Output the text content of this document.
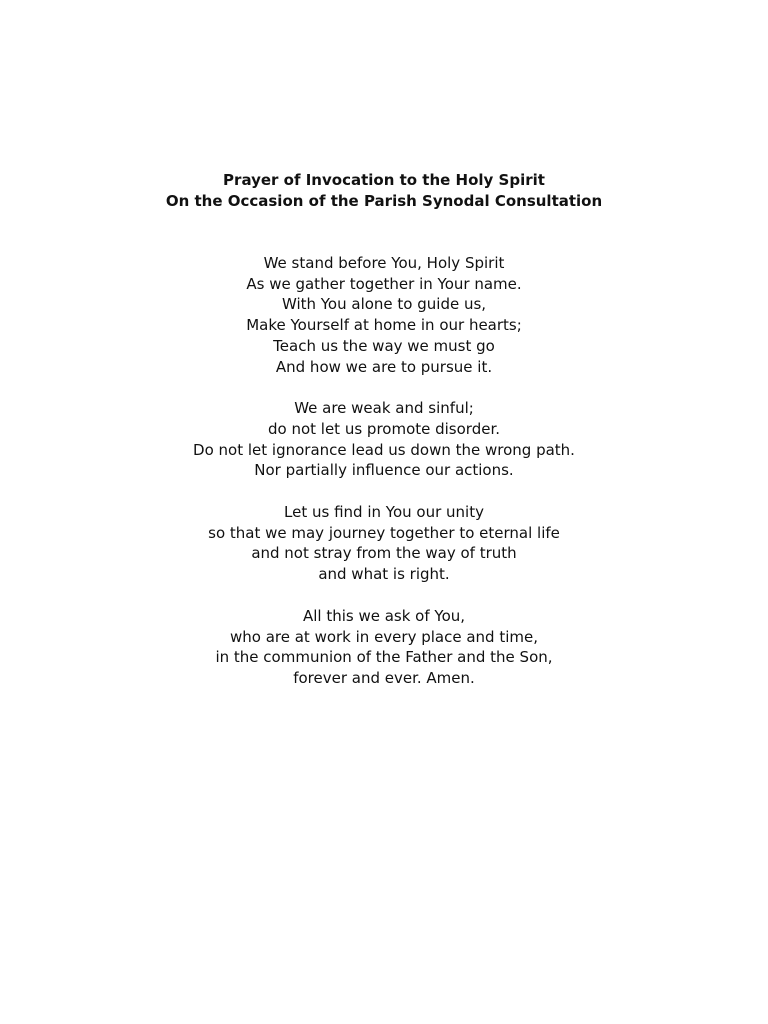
Prayer of Invocation to the Holy Spirit
On the Occasion of the Parish Synodal Consultation
We stand before You, Holy Spirit
As we gather together in Your name.
With You alone to guide us,
Make Yourself at home in our hearts;
Teach us the way we must go
And how we are to pursue it.
We are weak and sinful;
do not let us promote disorder.
Do not let ignorance lead us down the wrong path.
Nor partially influence our actions.
Let us find in You our unity
so that we may journey together to eternal life
and not stray from the way of truth
and what is right.
All this we ask of You,
who are at work in every place and time,
in the communion of the Father and the Son,
forever and ever. Amen.
